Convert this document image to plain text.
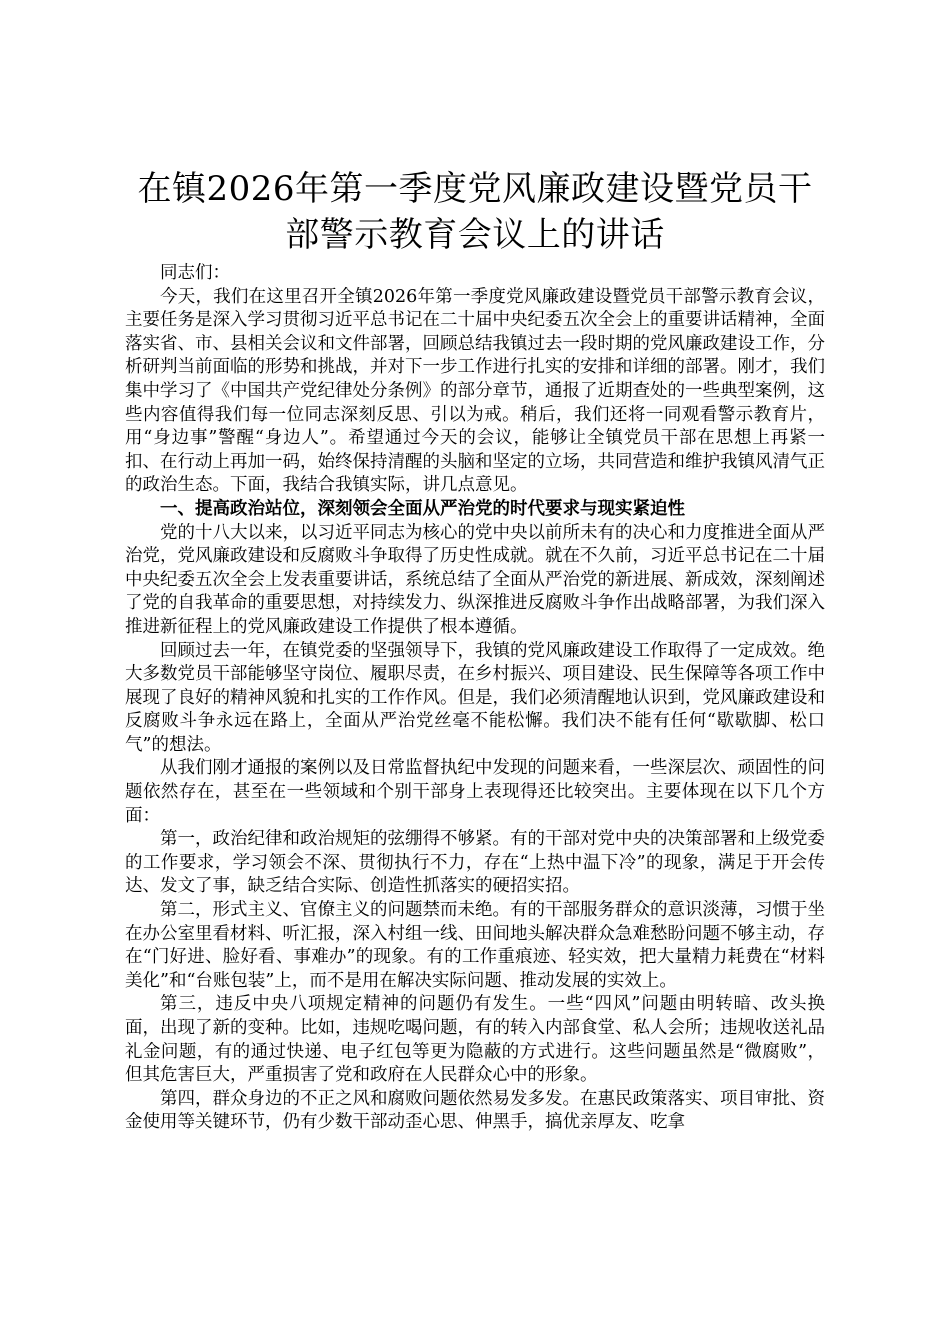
在镇2026年第一季度党风廉政建设暨党员干
部警示教育会议上的讲话

同志们：

今天，我们在这里召开全镇2026年第一季度党风廉政建设暨党员干部警示教育会议，主要任务是深入学习贯彻习近平总书记在二十届中央纪委五次全会上的重要讲话精神，全面落实省、市、县相关会议和文件部署，回顾总结我镇过去一段时期的党风廉政建设工作，分析研判当前面临的形势和挑战，并对下一步工作进行扎实的安排和详细的部署。刚才，我们集中学习了《中国共产党纪律处分条例》的部分章节，通报了近期查处的一些典型案例，这些内容值得我们每一位同志深刻反思、引以为戒。稍后，我们还将一同观看警示教育片，用“身边事”警醒“身边人”。希望通过今天的会议，能够让全镇党员干部在思想上再紧一扣、在行动上再加一码，始终保持清醒的头脑和坚定的立场，共同营造和维护我镇风清气正的政治生态。下面，我结合我镇实际，讲几点意见。

一、提高政治站位，深刻领会全面从严治党的时代要求与现实紧迫性

党的十八大以来，以习近平同志为核心的党中央以前所未有的决心和力度推进全面从严治党，党风廉政建设和反腐败斗争取得了历史性成就。就在不久前，习近平总书记在二十届中央纪委五次全会上发表重要讲话，系统总结了全面从严治党的新进展、新成效，深刻阐述了党的自我革命的重要思想，对持续发力、纵深推进反腐败斗争作出战略部署，为我们深入推进新征程上的党风廉政建设工作提供了根本遵循。

回顾过去一年，在镇党委的坚强领导下，我镇的党风廉政建设工作取得了一定成效。绝大多数党员干部能够坚守岗位、履职尽责，在乡村振兴、项目建设、民生保障等各项工作中展现了良好的精神风貌和扎实的工作作风。但是，我们必须清醒地认识到，党风廉政建设和反腐败斗争永远在路上，全面从严治党丝毫不能松懈。我们决不能有任何“歇歇脚、松口气”的想法。

从我们刚才通报的案例以及日常监督执纪中发现的问题来看，一些深层次、顽固性的问题依然存在，甚至在一些领域和个别干部身上表现得还比较突出。主要体现在以下几个方面：

第一，政治纪律和政治规矩的弦绷得不够紧。有的干部对党中央的决策部署和上级党委的工作要求，学习领会不深、贯彻执行不力，存在“上热中温下冷”的现象，满足于开会传达、发文了事，缺乏结合实际、创造性抓落实的硬招实招。

第二，形式主义、官僚主义的问题禁而未绝。有的干部服务群众的意识淡薄，习惯于坐在办公室里看材料、听汇报，深入村组一线、田间地头解决群众急难愁盼问题不够主动，存在“门好进、脸好看、事难办”的现象。有的工作重痕迹、轻实效，把大量精力耗费在“材料美化”和“台账包装”上，而不是用在解决实际问题、推动发展的实效上。

第三，违反中央八项规定精神的问题仍有发生。一些“四风”问题由明转暗、改头换面，出现了新的变种。比如，违规吃喝问题，有的转入内部食堂、私人会所；违规收送礼品礼金问题，有的通过快递、电子红包等更为隐蔽的方式进行。这些问题虽然是“微腐败”，但其危害巨大，严重损害了党和政府在人民群众心中的形象。

第四，群众身边的不正之风和腐败问题依然易发多发。在惠民政策落实、项目审批、资金使用等关键环节，仍有少数干部动歪心思、伸黑手，搞优亲厚友、吃拿
